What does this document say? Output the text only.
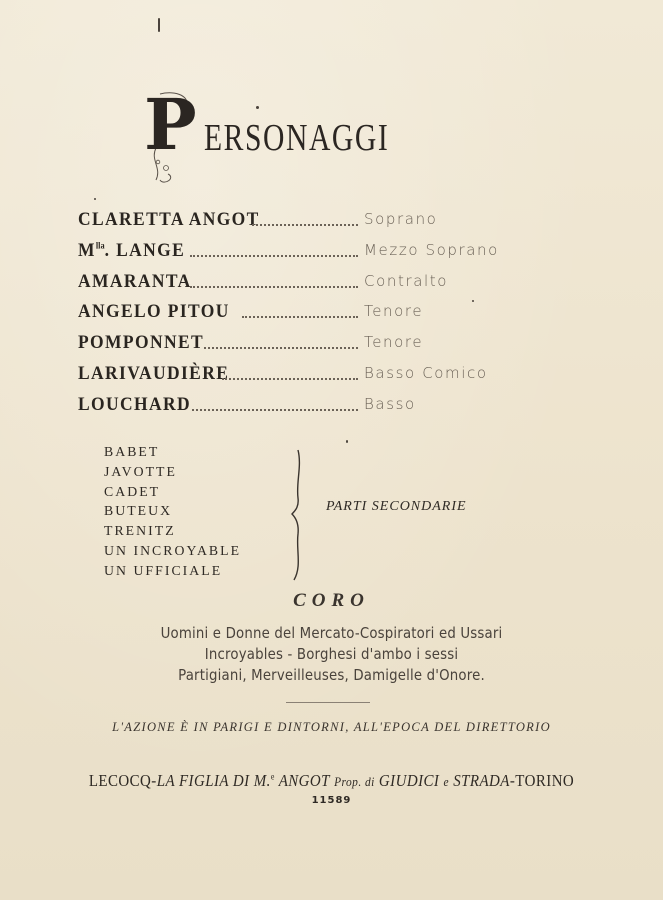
P ERSONAGGI
CLARETTA ANGOT	Soprano
$M^{lla}$. LANGE	Mezzo Soprano
AMARANTA	Contralto
ANGELO PITOU	Tenore
POMPONNET	Tenore
LARIVAUDIÈRE	Basso Comico
LOUCHARD	Basso
BABET
JAVOTTE
CADET
BUTEUX
TRENITZ
UN INCROYABLE
UN UFFICIALE
PARTI SECONDARIE
CORO
Uomini e Donne del Mercato-Cospiratori ed Ussari
Incroyables - Borghesi d'ambo i sessi
Partigiani, Merveilleuses, Damigelle d'Onore.
L'AZIONE È IN PARIGI E DINTORNI, ALL'EPOCA DEL DIRETTORIO
LECOCQ-LA FIGLIA DI M.$^e$ ANGOT Prop. di GIUDICI e STRADA-TORINO
11589
